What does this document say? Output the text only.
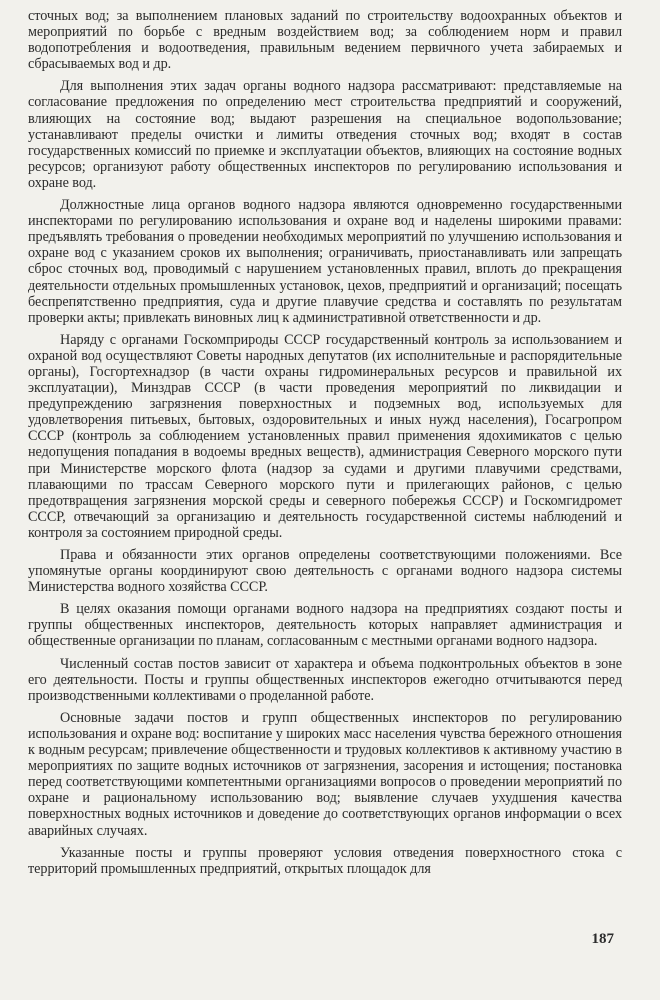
сточных вод; за выполнением плановых заданий по строительству водоохранных объектов и мероприятий по борьбе с вредным воздействием вод; за соблюдением норм и правил водопотребления и водоотведения, правильным ведением первичного учета забираемых и сбрасываемых вод и др.

Для выполнения этих задач органы водного надзора рассматривают: представляемые на согласование предложения по определению мест строительства предприятий и сооружений, влияющих на состояние вод; выдают разрешения на специальное водопользование; устанавливают пределы очистки и лимиты отведения сточных вод; входят в состав государственных комиссий по приемке и эксплуатации объектов, влияющих на состояние водных ресурсов; организуют работу общественных инспекторов по регулированию использования и охране вод.

Должностные лица органов водного надзора являются одновременно государственными инспекторами по регулированию использования и охране вод и наделены широкими правами: предъявлять требования о проведении необходимых мероприятий по улучшению использования и охране вод с указанием сроков их выполнения; ограничивать, приостанавливать или запрещать сброс сточных вод, проводимый с нарушением установленных правил, вплоть до прекращения деятельности отдельных промышленных установок, цехов, предприятий и организаций; посещать беспрепятственно предприятия, суда и другие плавучие средства и составлять по результатам проверки акты; привлекать виновных лиц к административной ответственности и др.

Наряду с органами Госкомприроды СССР государственный контроль за использованием и охраной вод осуществляют Советы народных депутатов (их исполнительные и распорядительные органы), Госгортехнадзор (в части охраны гидроминеральных ресурсов и правильной их эксплуатации), Минздрав СССР (в части проведения мероприятий по ликвидации и предупреждению загрязнения поверхностных и подземных вод, используемых для удовлетворения питьевых, бытовых, оздоровительных и иных нужд населения), Госагропром СССР (контроль за соблюдением установленных правил применения ядохимикатов с целью недопущения попадания в водоемы вредных веществ), администрация Северного морского пути при Министерстве морского флота (надзор за судами и другими плавучими средствами, плавающими по трассам Северного морского пути и прилегающих районов, с целью предотвращения загрязнения морской среды и северного побережья СССР) и Госкомгидромет СССР, отвечающий за организацию и деятельность государственной системы наблюдений и контроля за состоянием природной среды.

Права и обязанности этих органов определены соответствующими положениями. Все упомянутые органы координируют свою деятельность с органами водного надзора системы Министерства водного хозяйства СССР.

В целях оказания помощи органами водного надзора на предприятиях создают посты и группы общественных инспекторов, деятельность которых направляет администрация и общественные организации по планам, согласованным с местными органами водного надзора.

Численный состав постов зависит от характера и объема подконтрольных объектов в зоне его деятельности. Посты и группы общественных инспекторов ежегодно отчитываются перед производственными коллективами о проделанной работе.

Основные задачи постов и групп общественных инспекторов по регулированию использования и охране вод: воспитание у широких масс населения чувства бережного отношения к водным ресурсам; привлечение общественности и трудовых коллективов к активному участию в мероприятиях по защите водных источников от загрязнения, засорения и истощения; постановка перед соответствующими компетентными организациями вопросов о проведении мероприятий по охране и рациональному использованию вод; выявление случаев ухудшения качества поверхностных водных источников и доведение до соответствующих органов информации о всех аварийных случаях.

Указанные посты и группы проверяют условия отведения поверхностного стока с территорий промышленных предприятий, открытых площадок для

187
